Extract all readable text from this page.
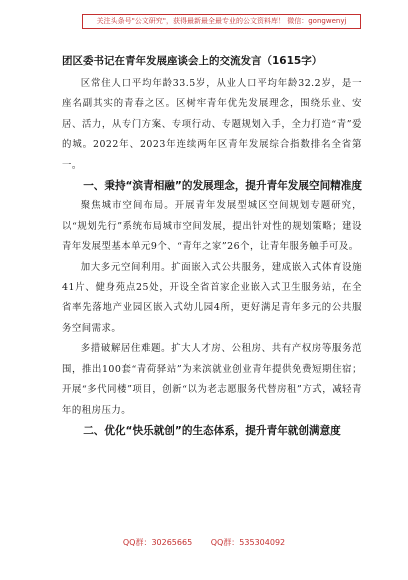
关注头条号"公文研究"，获得最新最全最专业的公文资料库！ 微信：gongwenyj
团区委书记在青年发展座谈会上的交流发言（1615字）

区常住人口平均年龄33.5岁，从业人口平均年龄32.2岁，是一座名副其实的青春之区。区树牢青年优先发展理念，围绕乐业、安居、活力，从专门方案、专项行动、专题规划入手，全力打造“青”爱的城。2022年、2023年连续两年区青年发展综合指数排名全省第一。

一、秉持“滨青相融”的发展理念，提升青年发展空间精准度

聚焦城市空间布局。开展青年发展型城区空间规划专题研究，以“规划先行”系统布局城市空间发展，提出针对性的规划策略；建设青年发展型基本单元9个、“青年之家”26个，让青年服务触手可及。

加大多元空间利用。扩面嵌入式公共服务，建成嵌入式体育设施41片、健身苑点25处，开设全省首家企业嵌入式卫生服务站，在全省率先落地产业园区嵌入式幼儿园4所，更好满足青年多元的公共服务空间需求。

多措破解居住难题。扩大人才房、公租房、共有产权房等服务范围，推出100套“青荷驿站”为来滨就业创业青年提供免费短期住宿；开展“多代同楼”项目，创新“以为老志愿服务代替房租”方式，减轻青年的租房压力。

二、优化“快乐就创”的生态体系，提升青年就创满意度

QQ群：30265665 QQ群：535304092
